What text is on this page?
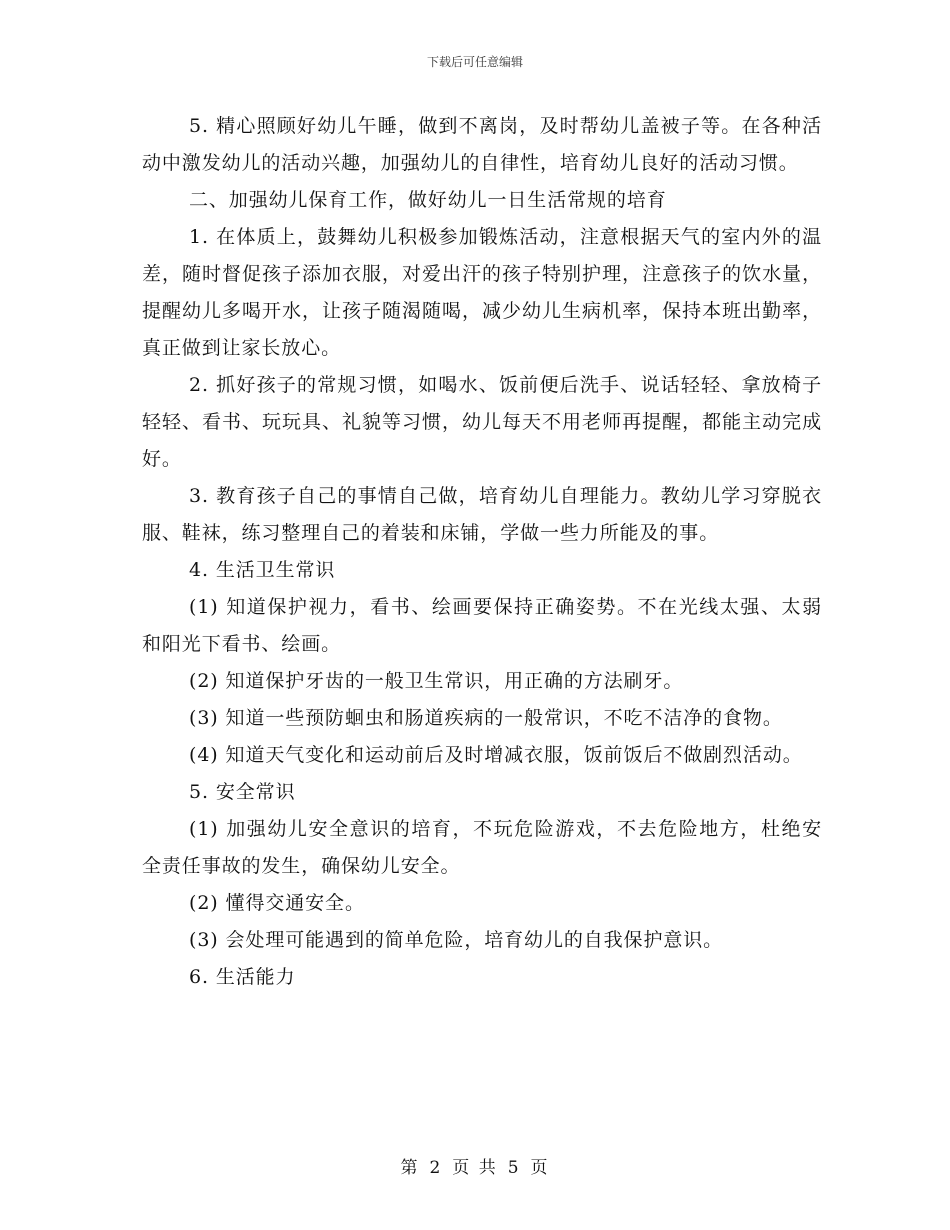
下载后可任意编辑

5. 精心照顾好幼儿午睡，做到不离岗，及时帮幼儿盖被子等。在各种活动中激发幼儿的活动兴趣，加强幼儿的自律性，培育幼儿良好的活动习惯。

二、加强幼儿保育工作，做好幼儿一日生活常规的培育

1. 在体质上，鼓舞幼儿积极参加锻炼活动，注意根据天气的室内外的温差，随时督促孩子添加衣服，对爱出汗的孩子特别护理，注意孩子的饮水量，提醒幼儿多喝开水，让孩子随渴随喝，减少幼儿生病机率，保持本班出勤率，真正做到让家长放心。

2. 抓好孩子的常规习惯，如喝水、饭前便后洗手、说话轻轻、拿放椅子轻轻、看书、玩玩具、礼貌等习惯，幼儿每天不用老师再提醒，都能主动完成好。

3. 教育孩子自己的事情自己做，培育幼儿自理能力。教幼儿学习穿脱衣服、鞋袜，练习整理自己的着装和床铺，学做一些力所能及的事。

4. 生活卫生常识

(1) 知道保护视力，看书、绘画要保持正确姿势。不在光线太强、太弱和阳光下看书、绘画。

(2) 知道保护牙齿的一般卫生常识，用正确的方法刷牙。

(3) 知道一些预防蛔虫和肠道疾病的一般常识，不吃不洁净的食物。

(4) 知道天气变化和运动前后及时增减衣服，饭前饭后不做剧烈活动。

5. 安全常识

(1) 加强幼儿安全意识的培育，不玩危险游戏，不去危险地方，杜绝安全责任事故的发生，确保幼儿安全。

(2) 懂得交通安全。

(3) 会处理可能遇到的简单危险，培育幼儿的自我保护意识。

6. 生活能力

第 2 页 共 5 页
